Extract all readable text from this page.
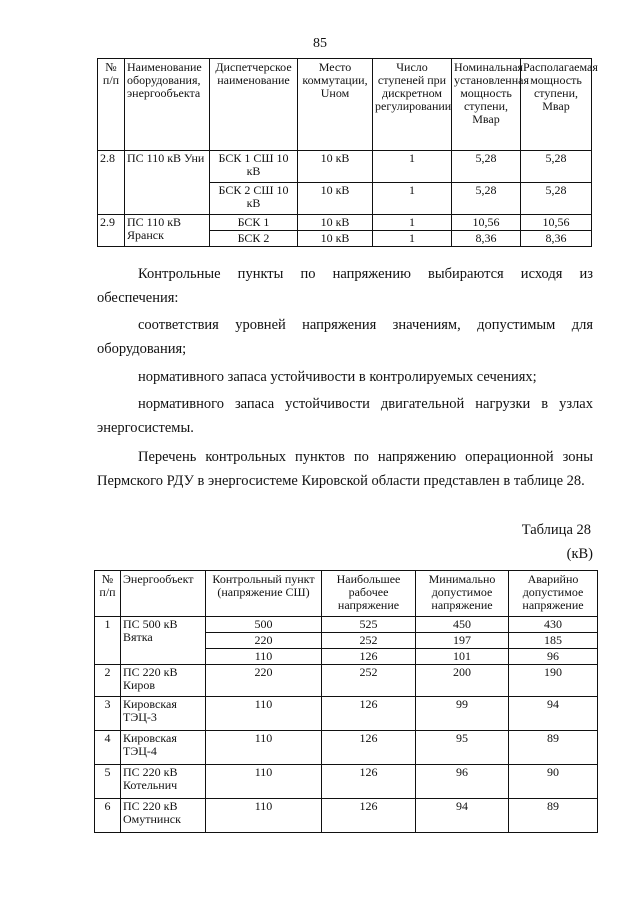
85
№ п/п	Наименование оборудования, энергообъекта	Диспетчерское наименование	Место коммутации, Uном	Число ступеней при дискретном регулировании	Номинальная установленная мощность ступени, Мвар	Располагаемая мощность ступени, Мвар
2.8	ПС 110 кВ Уни	БСК 1 СШ 10 кВ	10 кВ	1	5,28	5,28
		БСК 2 СШ 10 кВ	10 кВ	1	5,28	5,28
2.9	ПС 110 кВ Яранск	БСК 1	10 кВ	1	10,56	10,56
		БСК 2	10 кВ	1	8,36	8,36
Контрольные пункты по напряжению выбираются исходя из обеспечения:
соответствия уровней напряжения значениям, допустимым для оборудования;
нормативного запаса устойчивости в контролируемых сечениях;
нормативного запаса устойчивости двигательной нагрузки в узлах энергосистемы.
Перечень контрольных пунктов по напряжению операционной зоны Пермского РДУ в энергосистеме Кировской области представлен в таблице 28.
Таблица 28
(кВ)
№ п/п	Энергообъект	Контрольный пункт (напряжение СШ)	Наибольшее рабочее напряжение	Минимально допустимое напряжение	Аварийно допустимое напряжение
1	ПС 500 кВ Вятка	500	525	450	430
		220	252	197	185
		110	126	101	96
2	ПС 220 кВ Киров	220	252	200	190
3	Кировская ТЭЦ-3	110	126	99	94
4	Кировская ТЭЦ-4	110	126	95	89
5	ПС 220 кВ Котельнич	110	126	96	90
6	ПС 220 кВ Омутнинск	110	126	94	89
